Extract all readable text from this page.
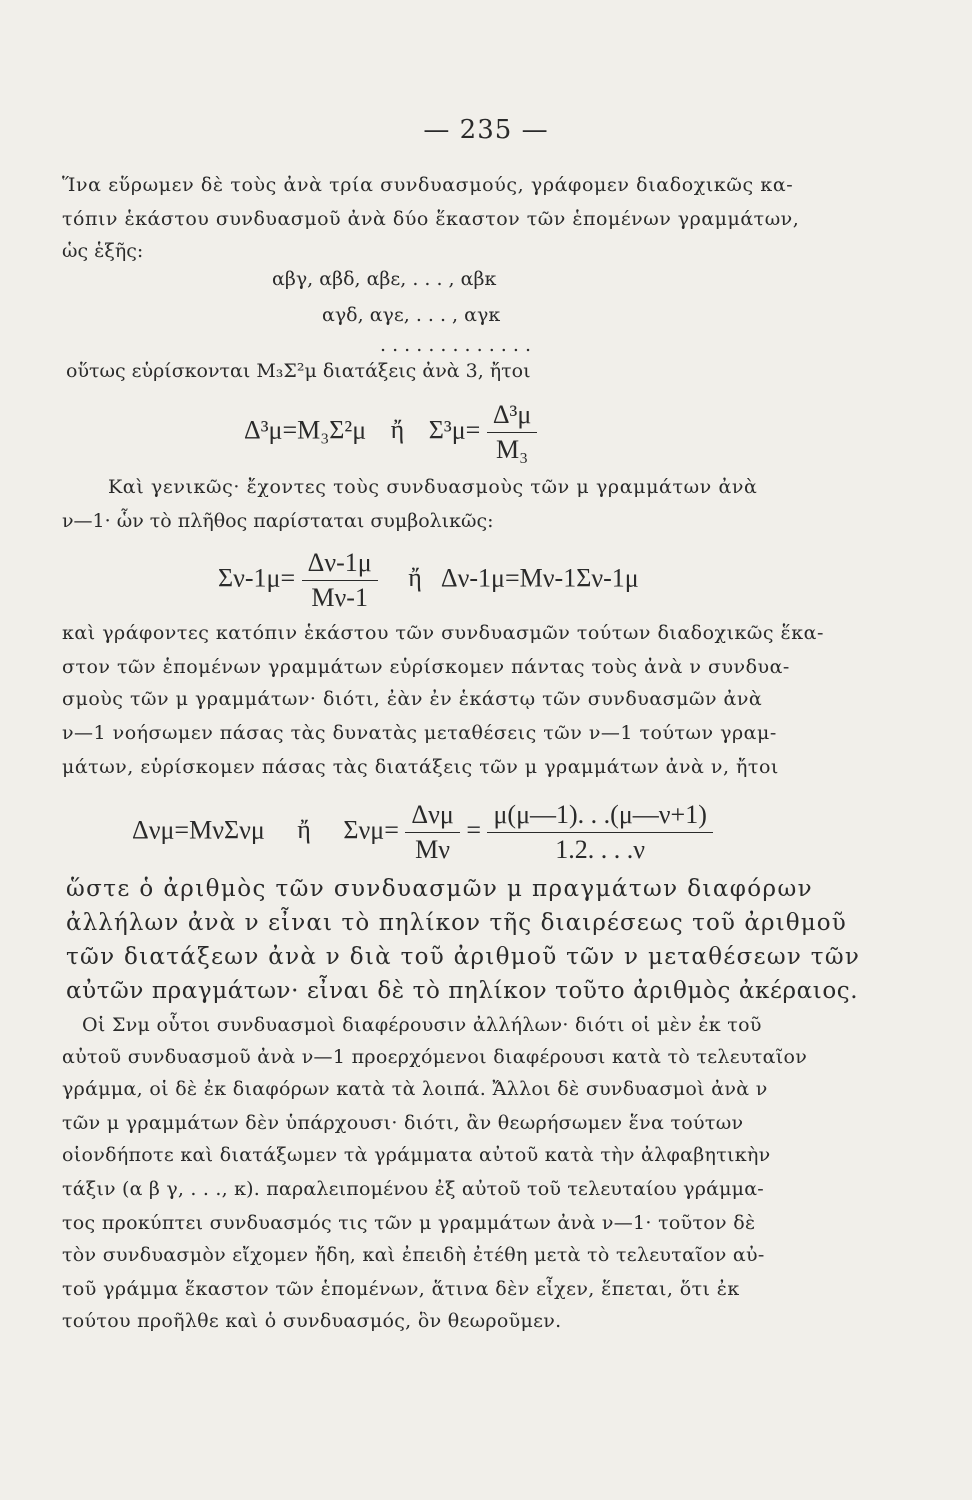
— 235 —
Ἵνα εὕρωμεν δὲ τοὺς ἀνὰ τρία συνδυασμούς, γράφομεν διαδοχικῶς κα-
τόπιν ἑκάστου συνδυασμοῦ ἀνὰ δύο ἕκαστον τῶν ἑπομένων γραμμάτων,
ὡς ἑξῆς:
αβγ, αβδ, αβε, . . . , αβκ
αγδ, αγε, . . . , αγκ
. . . . . . . . . . . . .
οὕτως εὑρίσκονται M₃Σ²μ διατάξεις ἀνὰ 3, ἤτοι
Δ³μ=M₃Σ²μ ἤ $\Sigma^3\mu= \frac{\text{Δ³μ}}{\text{M₃}}$
Καὶ γενικῶς· ἔχοντες τοὺς συνδυασμοὺς τῶν μ γραμμάτων ἀνὰ
ν—1· ὧν τὸ πλῆθος παρίσταται συμβολικῶς:
$\Sigma\nu-1\mu= \frac{\Delta\nu-1\mu}{M\nu-1}$ ἤ Δν-1μ=Mν-1Σν-1μ
καὶ γράφοντες κατόπιν ἑκάστου τῶν συνδυασμῶν τούτων διαδοχικῶς ἕκα-
στον τῶν ἑπομένων γραμμάτων εὑρίσκομεν πάντας τοὺς ἀνὰ ν συνδυα-
σμοὺς τῶν μ γραμμάτων· διότι, ἐὰν ἐν ἑκάστῳ τῶν συνδυασμῶν ἀνὰ
ν—1 νοήσωμεν πάσας τὰς δυνατὰς μεταθέσεις τῶν ν—1 τούτων γραμ-
μάτων, εὑρίσκομεν πάσας τὰς διατάξεις τῶν μ γραμμάτων ἀνὰ ν, ἤτοι
Δνμ=MνΣνμ ἤ $\Sigma\nu\mu= \frac{\text{Δνμ}}{M\nu} = \frac{\mu(\mu—1). . .(\mu—\nu+1)}{1.2. . . .\nu}$
ὥστε ὁ ἀριθμὸς τῶν συνδυασμῶν μ πραγμάτων διαφόρων
ἀλλήλων ἀνὰ ν εἶναι τὸ πηλίκον τῆς διαιρέσεως τοῦ ἀριθμοῦ
τῶν διατάξεων ἀνὰ ν διὰ τοῦ ἀριθμοῦ τῶν ν μεταθέσεων τῶν
αὐτῶν πραγμάτων· εἶναι δὲ τὸ πηλίκον τοῦτο ἀριθμὸς ἀκέραιος.
Οἱ Σνμ οὗτοι συνδυασμοὶ διαφέρουσιν ἀλλήλων· διότι οἱ μὲν ἐκ τοῦ
αὐτοῦ συνδυασμοῦ ἀνὰ ν—1 προερχόμενοι διαφέρουσι κατὰ τὸ τελευταῖον
γράμμα, οἱ δὲ ἐκ διαφόρων κατὰ τὰ λοιπά. Ἄλλοι δὲ συνδυασμοὶ ἀνὰ ν
τῶν μ γραμμάτων δὲν ὑπάρχουσι· διότι, ἂν θεωρήσωμεν ἕνα τούτων
οἱονδήποτε καὶ διατάξωμεν τὰ γράμματα αὐτοῦ κατὰ τὴν ἀλφαβητικὴν
τάξιν (α β γ, . . ., κ). παραλειπομένου ἐξ αὐτοῦ τοῦ τελευταίου γράμμα-
τος προκύπτει συνδυασμός τις τῶν μ γραμμάτων ἀνὰ ν—1· τοῦτον δὲ
τὸν συνδυασμὸν εἴχομεν ἤδη, καὶ ἐπειδὴ ἐτέθη μετὰ τὸ τελευταῖον αὐ-
τοῦ γράμμα ἕκαστον τῶν ἑπομένων, ἅτινα δὲν εἶχεν, ἕπεται, ὅτι ἐκ
τούτου προῆλθε καὶ ὁ συνδυασμός, ὃν θεωροῦμεν.
